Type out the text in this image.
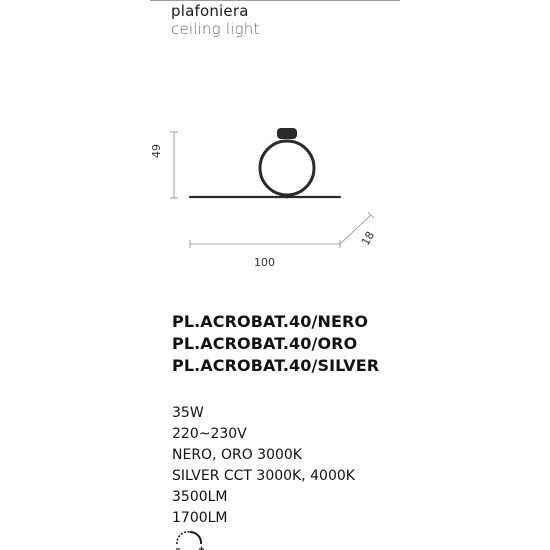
plafoniera
ceiling light
49
100
18
PL.ACROBAT.40/NERO
PL.ACROBAT.40/ORO
PL.ACROBAT.40/SILVER
35W
220~230V
NERO, ORO 3000K
SILVER CCT 3000K, 4000K
3500LM
1700LM
